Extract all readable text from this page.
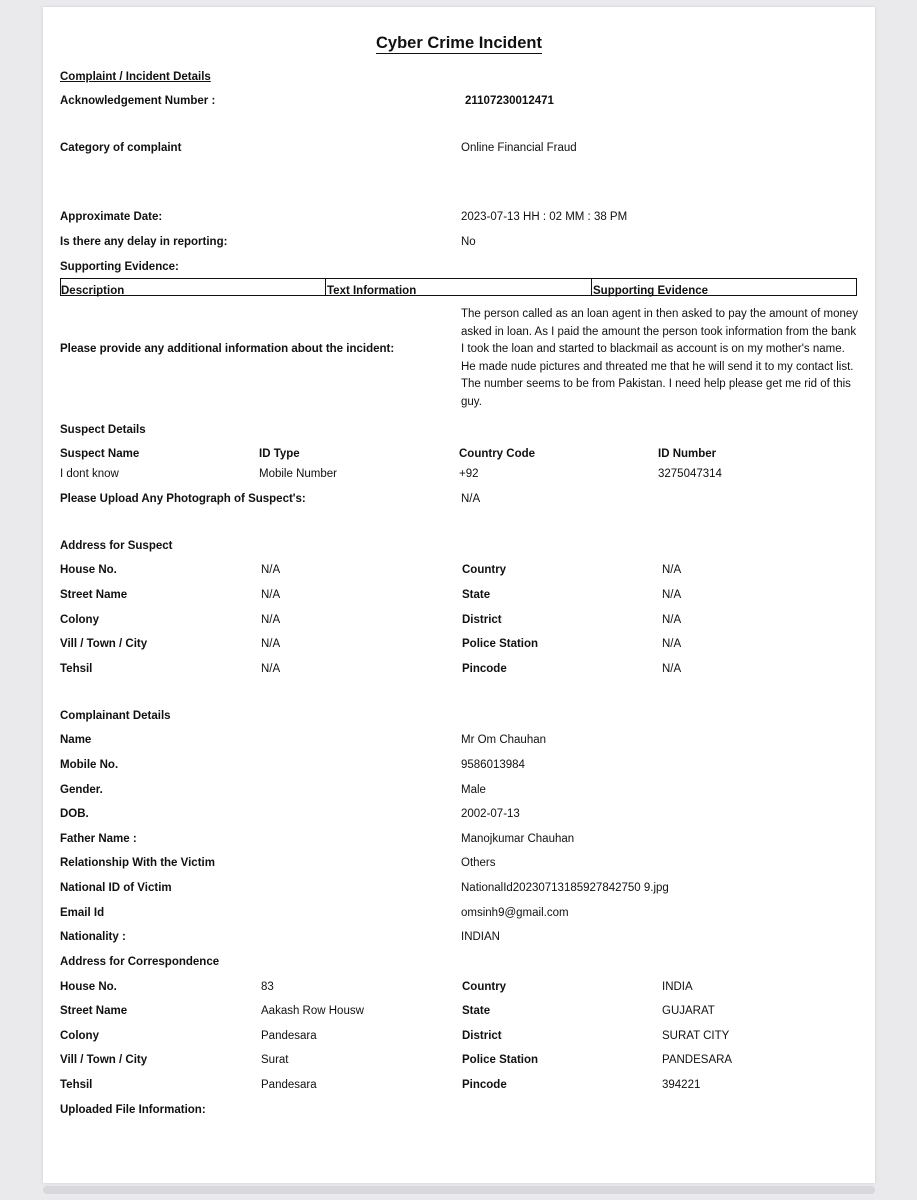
Cyber Crime Incident
Complaint / Incident Details
Acknowledgement Number :	21107230012471
Category of complaint	Online Financial Fraud
Approximate Date:	2023-07-13 HH : 02 MM : 38 PM
Is there any delay in reporting:	No
Supporting Evidence:
Description	Text Information	Supporting Evidence
Please provide any additional information about the incident:
The person called as an loan agent in then asked to pay the amount of money asked in loan. As I paid the amount the person took information from the bank I took the loan and started to blackmail as account is on my mother's name. He made nude pictures and threated me that he will send it to my contact list. The number seems to be from Pakistan. I need help please get me rid of this guy.
Suspect Details
Suspect Name	ID Type	Country Code	ID Number
I dont know	Mobile Number	+92	3275047314
Please Upload Any Photograph of Suspect's:	N/A
Address for Suspect
House No.	N/A	Country	N/A
Street Name	N/A	State	N/A
Colony	N/A	District	N/A
Vill / Town / City	N/A	Police Station	N/A
Tehsil	N/A	Pincode	N/A
Complainant Details
Name	Mr Om Chauhan
Mobile No.	9586013984
Gender.	Male
DOB.	2002-07-13
Father Name :	Manojkumar Chauhan
Relationship With the Victim	Others
National ID of Victim	NationalId20230713185927842750 9.jpg
Email Id	omsinh9@gmail.com
Nationality :	INDIAN
Address for Correspondence
House No.	83	Country	INDIA
Street Name	Aakash Row Housw	State	GUJARAT
Colony	Pandesara	District	SURAT CITY
Vill / Town / City	Surat	Police Station	PANDESARA
Tehsil	Pandesara	Pincode	394221
Uploaded File Information:
